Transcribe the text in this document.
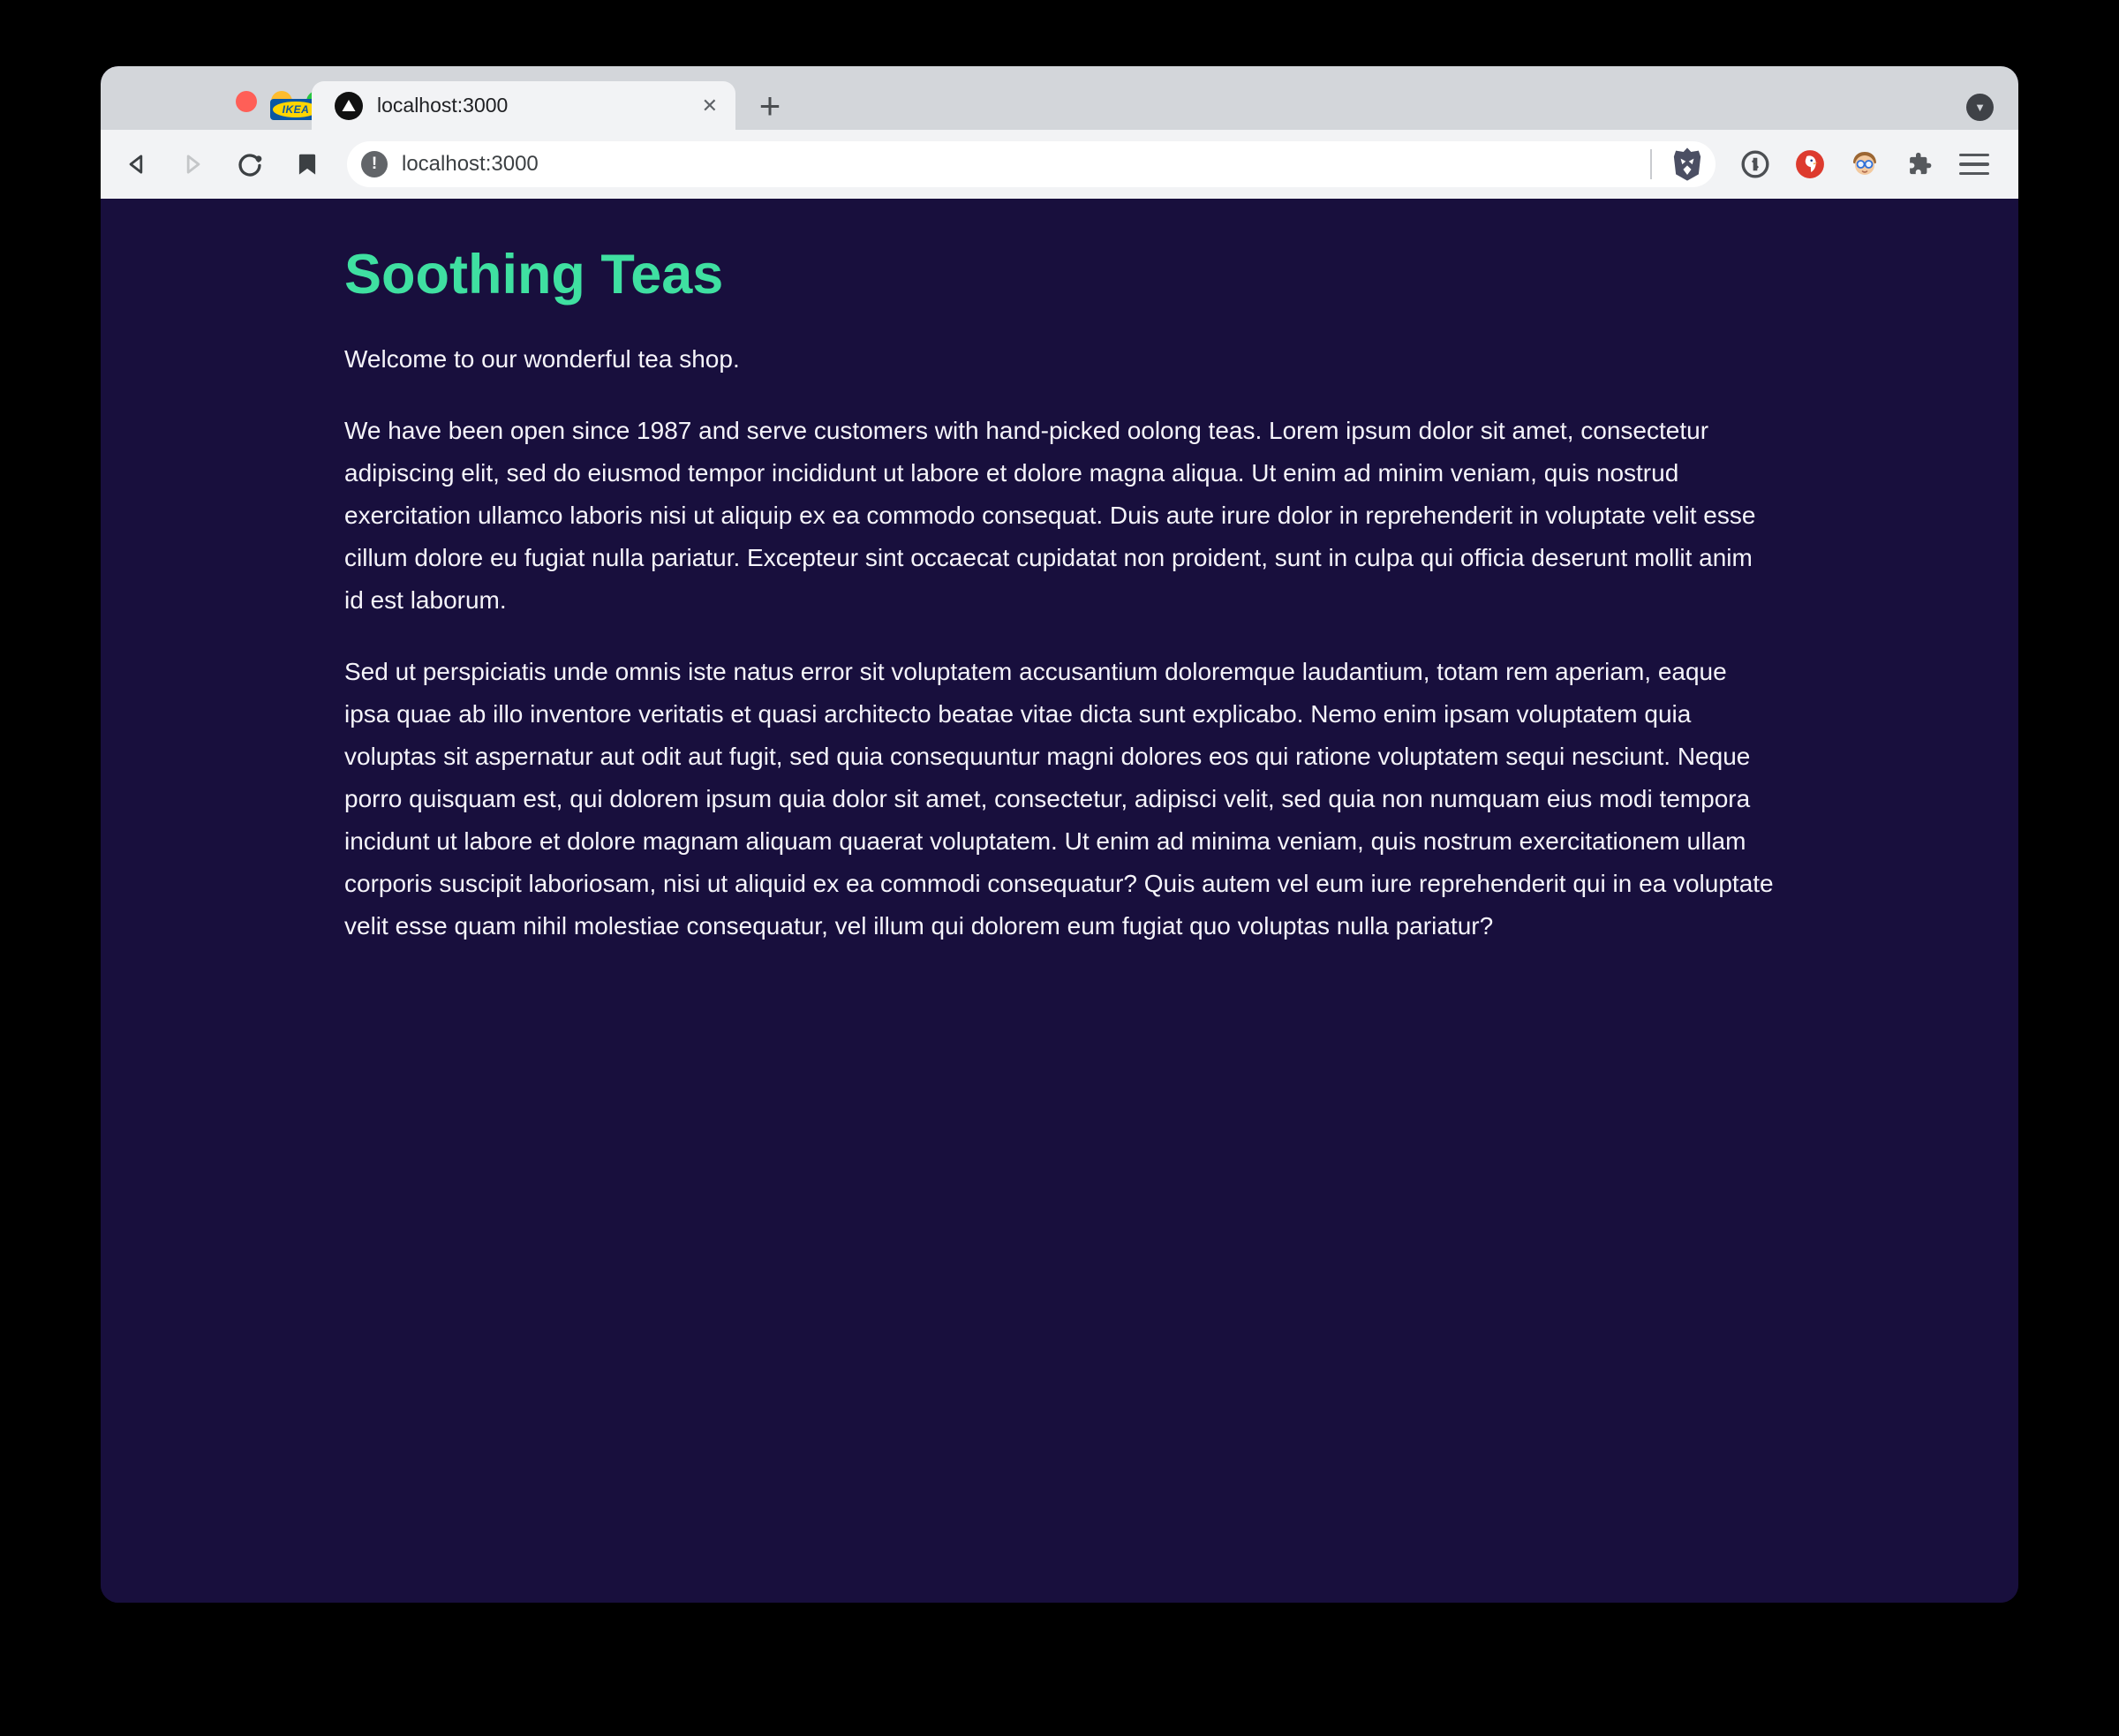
IKEA	localhost:3000	✕ +	▼
! localhost:3000
Soothing Teas

Welcome to our wonderful tea shop.

We have been open since 1987 and serve customers with hand-picked oolong teas. Lorem ipsum dolor sit amet, consectetur adipiscing elit, sed do eiusmod tempor incididunt ut labore et dolore magna aliqua. Ut enim ad minim veniam, quis nostrud exercitation ullamco laboris nisi ut aliquip ex ea commodo consequat. Duis aute irure dolor in reprehenderit in voluptate velit esse cillum dolore eu fugiat nulla pariatur. Excepteur sint occaecat cupidatat non proident, sunt in culpa qui officia deserunt mollit anim id est laborum.

Sed ut perspiciatis unde omnis iste natus error sit voluptatem accusantium doloremque laudantium, totam rem aperiam, eaque ipsa quae ab illo inventore veritatis et quasi architecto beatae vitae dicta sunt explicabo. Nemo enim ipsam voluptatem quia voluptas sit aspernatur aut odit aut fugit, sed quia consequuntur magni dolores eos qui ratione voluptatem sequi nesciunt. Neque porro quisquam est, qui dolorem ipsum quia dolor sit amet, consectetur, adipisci velit, sed quia non numquam eius modi tempora incidunt ut labore et dolore magnam aliquam quaerat voluptatem. Ut enim ad minima veniam, quis nostrum exercitationem ullam corporis suscipit laboriosam, nisi ut aliquid ex ea commodi consequatur? Quis autem vel eum iure reprehenderit qui in ea voluptate velit esse quam nihil molestiae consequatur, vel illum qui dolorem eum fugiat quo voluptas nulla pariatur?
